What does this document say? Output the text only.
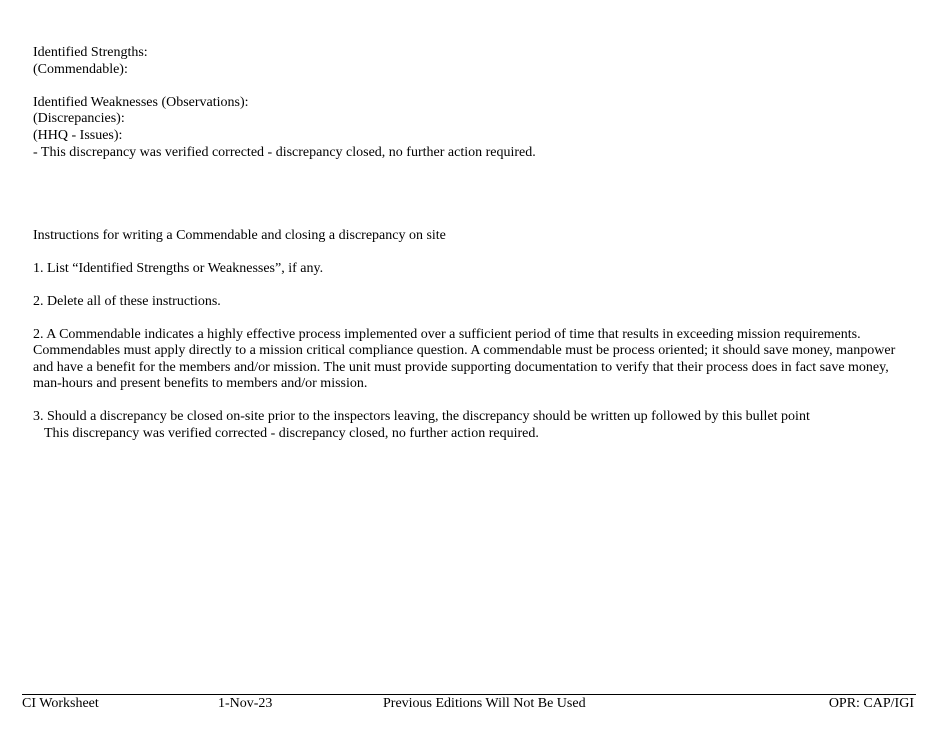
Identified Strengths:
(Commendable):
Identified Weaknesses (Observations):
(Discrepancies):
(HHQ - Issues):
- This discrepancy was verified corrected - discrepancy closed, no further action required.
Instructions for writing a Commendable and closing a discrepancy on site
1. List “Identified Strengths or Weaknesses”, if any.
2. Delete all of these instructions.

2. A Commendable indicates a highly effective process implemented over a sufficient period of time that results in exceeding mission requirements. Commendables must apply directly to a mission critical compliance question. A commendable must be process oriented; it should save money, manpower and have a benefit for the members and/or mission. The unit must provide supporting documentation to verify that their process does in fact save money, man-hours and present benefits to members and/or mission.

3. Should a discrepancy be closed on-site prior to the inspectors leaving, the discrepancy should be written up followed by this bullet point
This discrepancy was verified corrected - discrepancy closed, no further action required.
CI Worksheet	1-Nov-23	Previous Editions Will Not Be Used	OPR: CAP/IGI
